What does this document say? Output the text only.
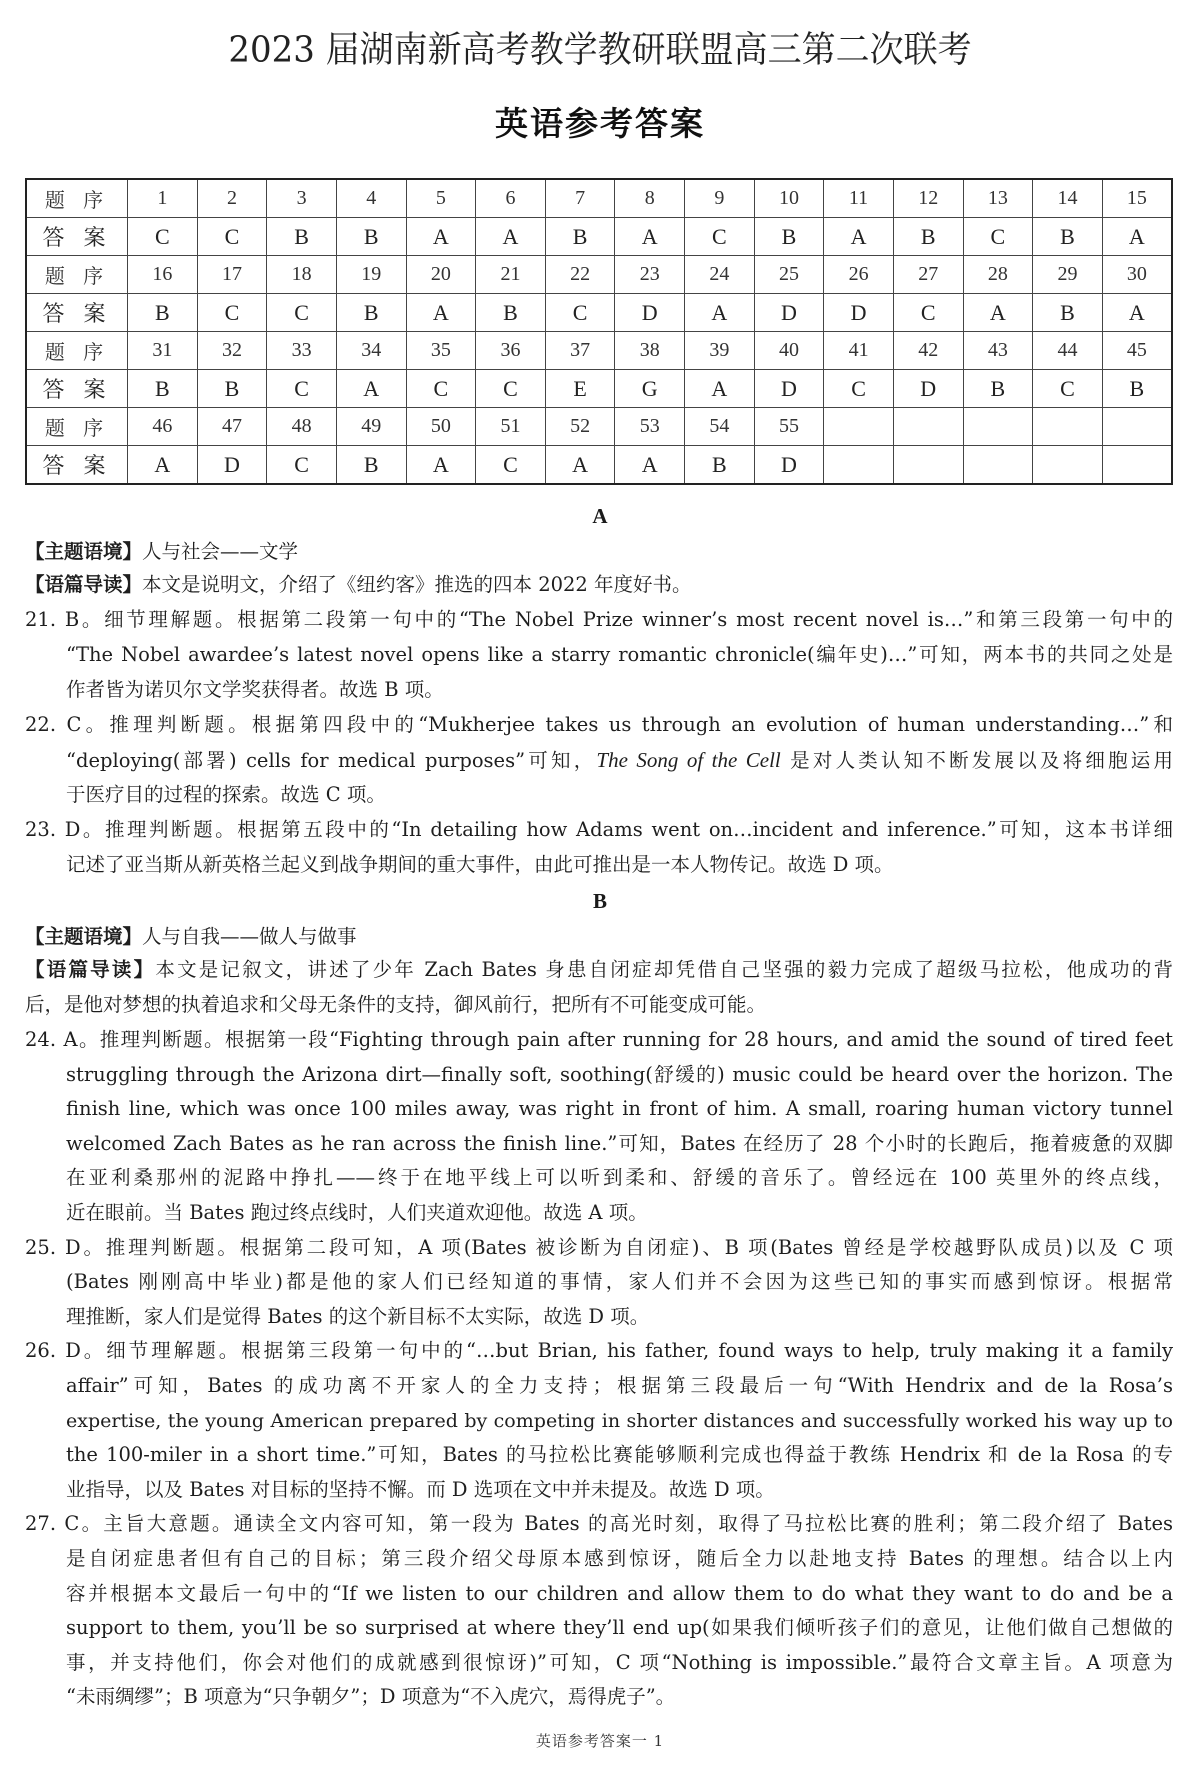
2023 届湖南新高考教学教研联盟高三第二次联考
英语参考答案
题 序	1	2	3	4	5	6	7	8	9	10	11	12	13	14	15
答 案	C	C	B	B	A	A	B	A	C	B	A	B	C	B	A
题 序	16	17	18	19	20	21	22	23	24	25	26	27	28	29	30
答 案	B	C	C	B	A	B	C	D	A	D	D	C	A	B	A
题 序	31	32	33	34	35	36	37	38	39	40	41	42	43	44	45
答 案	B	B	C	A	C	C	E	G	A	D	C	D	B	C	B
题 序	46	47	48	49	50	51	52	53	54	55					
答 案	A	D	C	B	A	C	A	A	B	D					
A
【主题语境】人与社会——文学
【语篇导读】本文是说明文，介绍了《纽约客》推选的四本 2022 年度好书。
21. B。细节理解题。根据第二段第一句中的“The Nobel Prize winner’s most recent novel is…”和第三段第一句中的
“The Nobel awardee’s latest novel opens like a starry romantic chronicle(编年史)…”可知，两本书的共同之处是
作者皆为诺贝尔文学奖获得者。故选 B 项。
22. C。推理判断题。根据第四段中的“Mukherjee takes us through an evolution of human understanding…”和
“deploying(部署) cells for medical purposes”可知，The Song of the Cell 是对人类认知不断发展以及将细胞运用
于医疗目的过程的探索。故选 C 项。
23. D。推理判断题。根据第五段中的“In detailing how Adams went on…incident and inference.”可知，这本书详细
记述了亚当斯从新英格兰起义到战争期间的重大事件，由此可推出是一本人物传记。故选 D 项。
B
【主题语境】人与自我——做人与做事
【语篇导读】本文是记叙文，讲述了少年 Zach Bates 身患自闭症却凭借自己坚强的毅力完成了超级马拉松，他成功的背
后，是他对梦想的执着追求和父母无条件的支持，御风前行，把所有不可能变成可能。
24. A。推理判断题。根据第一段“Fighting through pain after running for 28 hours, and amid the sound of tired feet
struggling through the Arizona dirt—finally soft, soothing(舒缓的) music could be heard over the horizon. The
finish line, which was once 100 miles away, was right in front of him. A small, roaring human victory tunnel
welcomed Zach Bates as he ran across the finish line.”可知，Bates 在经历了 28 个小时的长跑后，拖着疲惫的双脚
在亚利桑那州的泥路中挣扎——终于在地平线上可以听到柔和、舒缓的音乐了。曾经远在 100 英里外的终点线，
近在眼前。当 Bates 跑过终点线时，人们夹道欢迎他。故选 A 项。
25. D。推理判断题。根据第二段可知，A 项(Bates 被诊断为自闭症)、B 项(Bates 曾经是学校越野队成员)以及 C 项
(Bates 刚刚高中毕业)都是他的家人们已经知道的事情，家人们并不会因为这些已知的事实而感到惊讶。根据常
理推断，家人们是觉得 Bates 的这个新目标不太实际，故选 D 项。
26. D。细节理解题。根据第三段第一句中的“…but Brian, his father, found ways to help, truly making it a family
affair”可知，Bates 的成功离不开家人的全力支持；根据第三段最后一句“With Hendrix and de la Rosa’s
expertise, the young American prepared by competing in shorter distances and successfully worked his way up to
the 100-miler in a short time.”可知，Bates 的马拉松比赛能够顺利完成也得益于教练 Hendrix 和 de la Rosa 的专
业指导，以及 Bates 对目标的坚持不懈。而 D 选项在文中并未提及。故选 D 项。
27. C。主旨大意题。通读全文内容可知，第一段为 Bates 的高光时刻，取得了马拉松比赛的胜利；第二段介绍了 Bates
是自闭症患者但有自己的目标；第三段介绍父母原本感到惊讶，随后全力以赴地支持 Bates 的理想。结合以上内
容并根据本文最后一句中的“If we listen to our children and allow them to do what they want to do and be a
support to them, you’ll be so surprised at where they’ll end up(如果我们倾听孩子们的意见，让他们做自己想做的
事，并支持他们，你会对他们的成就感到很惊讶)”可知，C 项“Nothing is impossible.”最符合文章主旨。A 项意为
“未雨绸缪”；B 项意为“只争朝夕”；D 项意为“不入虎穴，焉得虎子”。
英语参考答案一 1
